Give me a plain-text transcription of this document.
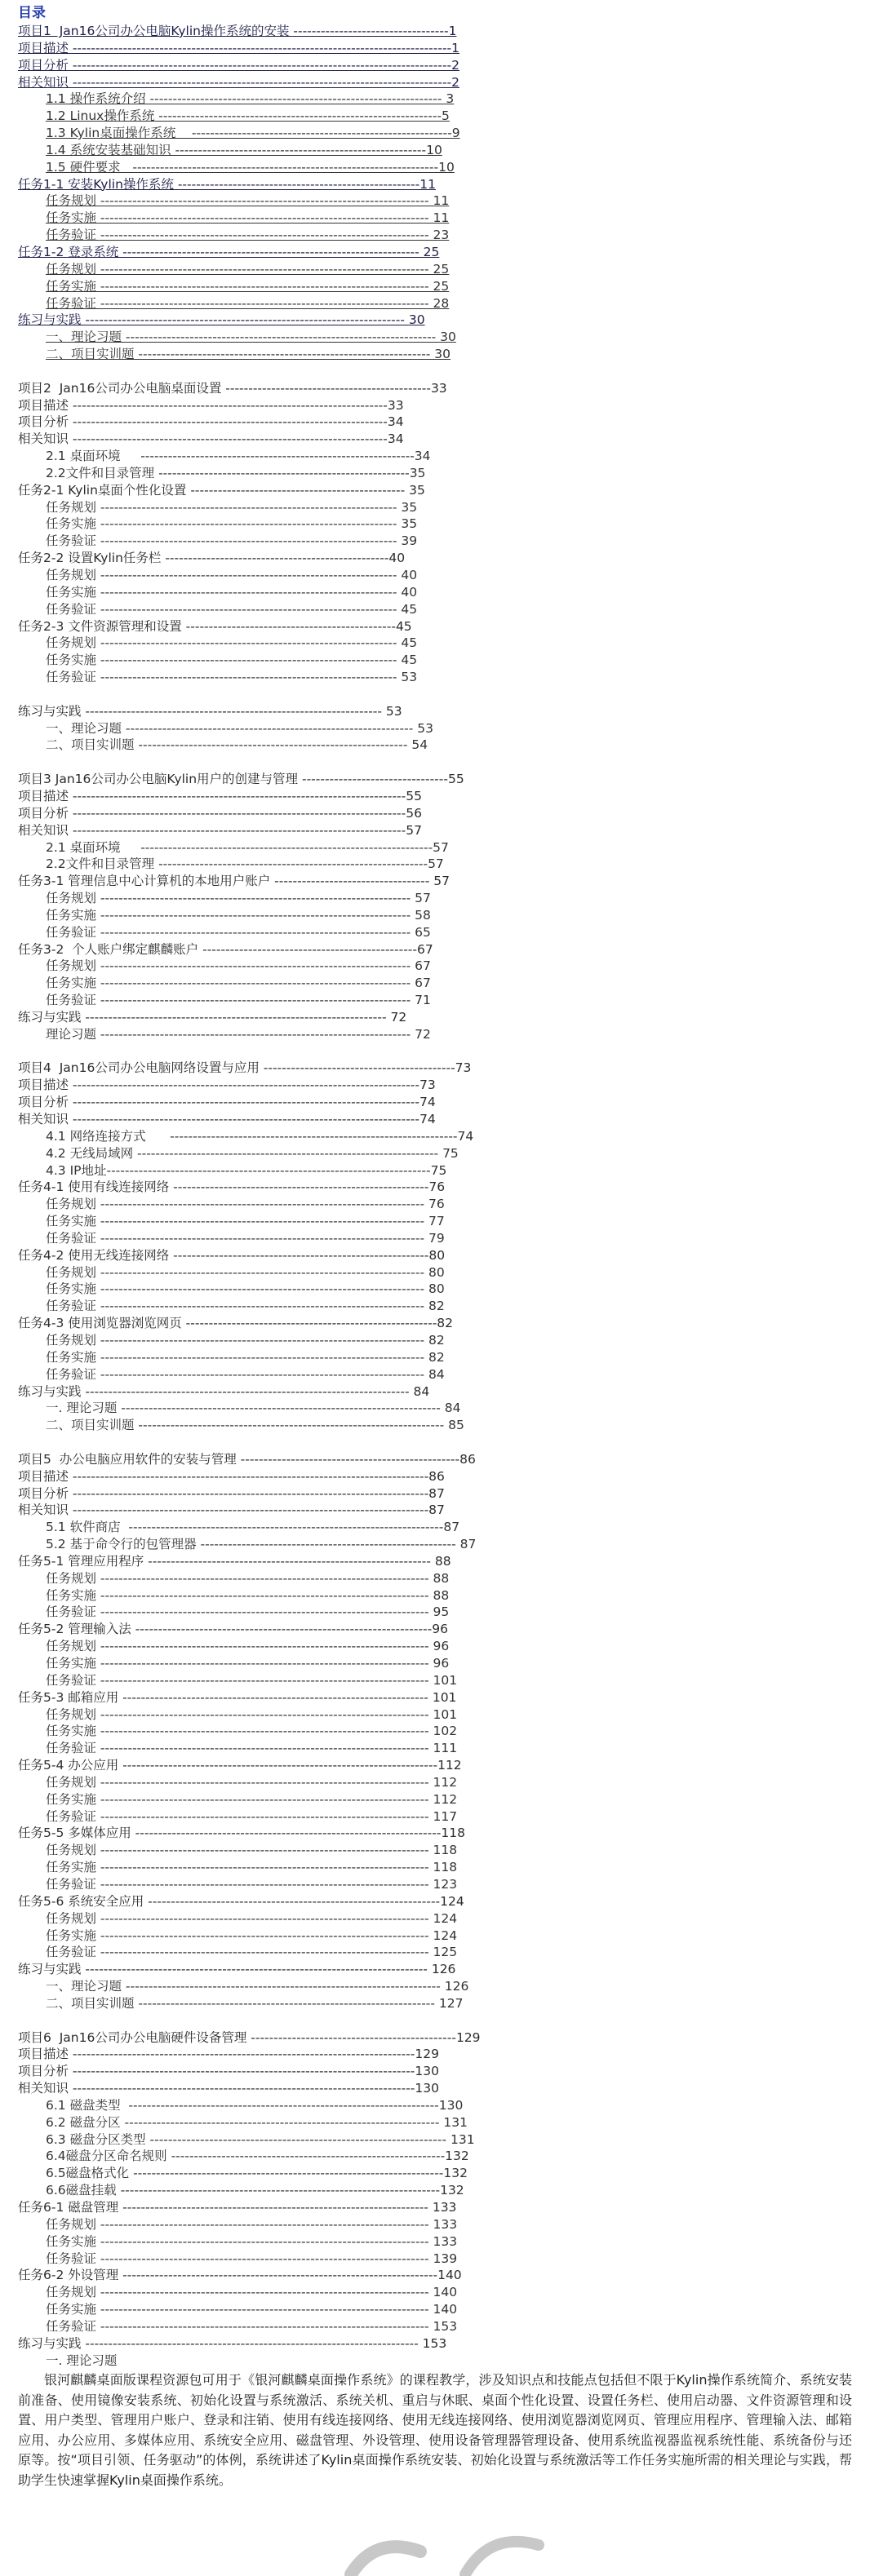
目录
项目1  Jan16公司办公电脑Kylin操作系统的安装 ----------------------------------1
项目描述 -----------------------------------------------------------------------------------1
项目分析 -----------------------------------------------------------------------------------2
相关知识 -----------------------------------------------------------------------------------2
1.1 操作系统介绍 ---------------------------------------------------------------- 3
1.2 Linux操作系统 --------------------------------------------------------------5
1.3 Kylin桌面操作系统    ---------------------------------------------------------9
1.4 系统安装基础知识 -------------------------------------------------------10
1.5 硬件要求   -------------------------------------------------------------------10
任务1-1 安装Kylin操作系统 -----------------------------------------------------11
任务规划 ------------------------------------------------------------------------ 11
任务实施 ------------------------------------------------------------------------ 11
任务验证 ------------------------------------------------------------------------ 23
任务1-2 登录系统 ----------------------------------------------------------------- 25
任务规划 ------------------------------------------------------------------------ 25
任务实施 ------------------------------------------------------------------------ 25
任务验证 ------------------------------------------------------------------------ 28
练习与实践 ---------------------------------------------------------------------- 30
一、理论习题 -------------------------------------------------------------------- 30
二、项目实训题 ---------------------------------------------------------------- 30
项目2  Jan16公司办公电脑桌面设置 ---------------------------------------------33
项目描述 ---------------------------------------------------------------------33
项目分析 ---------------------------------------------------------------------34
相关知识 ---------------------------------------------------------------------34
2.1 桌面环境     ------------------------------------------------------------34
2.2文件和目录管理 -------------------------------------------------------35
任务2-1 Kylin桌面个性化设置 ----------------------------------------------- 35
任务规划 ----------------------------------------------------------------- 35
任务实施 ----------------------------------------------------------------- 35
任务验证 ----------------------------------------------------------------- 39
任务2-2 设置Kylin任务栏 -------------------------------------------------40
任务规划 ----------------------------------------------------------------- 40
任务实施 ----------------------------------------------------------------- 40
任务验证 ----------------------------------------------------------------- 45
任务2-3 文件资源管理和设置 ----------------------------------------------45
任务规划 ----------------------------------------------------------------- 45
任务实施 ----------------------------------------------------------------- 45
任务验证 ----------------------------------------------------------------- 53
练习与实践 ----------------------------------------------------------------- 53
一、理论习题 --------------------------------------------------------------- 53
二、项目实训题 ----------------------------------------------------------- 54
项目3 Jan16公司办公电脑Kylin用户的创建与管理 --------------------------------55
项目描述 -------------------------------------------------------------------------55
项目分析 -------------------------------------------------------------------------56
相关知识 -------------------------------------------------------------------------57
2.1 桌面环境     ----------------------------------------------------------------57
2.2文件和目录管理 -----------------------------------------------------------57
任务3-1 管理信息中心计算机的本地用户账户 ---------------------------------- 57
任务规划 -------------------------------------------------------------------- 57
任务实施 -------------------------------------------------------------------- 58
任务验证 -------------------------------------------------------------------- 65
任务3-2  个人账户绑定麒麟账户 -----------------------------------------------67
任务规划 -------------------------------------------------------------------- 67
任务实施 -------------------------------------------------------------------- 67
任务验证 -------------------------------------------------------------------- 71
练习与实践 ------------------------------------------------------------------ 72
理论习题 -------------------------------------------------------------------- 72
项目4  Jan16公司办公电脑网络设置与应用 ------------------------------------------73
项目描述 ----------------------------------------------------------------------------73
项目分析 ----------------------------------------------------------------------------74
相关知识 ----------------------------------------------------------------------------74
4.1 网络连接方式      ---------------------------------------------------------------74
4.2 无线局域网 ------------------------------------------------------------------ 75
4.3 IP地址-----------------------------------------------------------------------75
任务4-1 使用有线连接网络 --------------------------------------------------------76
任务规划 ----------------------------------------------------------------------- 76
任务实施 ----------------------------------------------------------------------- 77
任务验证 ----------------------------------------------------------------------- 79
任务4-2 使用无线连接网络 --------------------------------------------------------80
任务规划 ----------------------------------------------------------------------- 80
任务实施 ----------------------------------------------------------------------- 80
任务验证 ----------------------------------------------------------------------- 82
任务4-3 使用浏览器浏览网页 -------------------------------------------------------82
任务规划 ----------------------------------------------------------------------- 82
任务实施 ----------------------------------------------------------------------- 82
任务验证 ----------------------------------------------------------------------- 84
练习与实践 ----------------------------------------------------------------------- 84
一. 理论习题 ---------------------------------------------------------------------- 84
二、项目实训题 ------------------------------------------------------------------- 85
项目5  办公电脑应用软件的安装与管理 ------------------------------------------------86
项目描述 ------------------------------------------------------------------------------86
项目分析 ------------------------------------------------------------------------------87
相关知识 ------------------------------------------------------------------------------87
5.1 软件商店  ---------------------------------------------------------------------87
5.2 基于命令行的包管理器 -------------------------------------------------------- 87
任务5-1 管理应用程序 -------------------------------------------------------------- 88
任务规划 ------------------------------------------------------------------------ 88
任务实施 ------------------------------------------------------------------------ 88
任务验证 ------------------------------------------------------------------------ 95
任务5-2 管理输入法 -----------------------------------------------------------------96
任务规划 ------------------------------------------------------------------------ 96
任务实施 ------------------------------------------------------------------------ 96
任务验证 ------------------------------------------------------------------------ 101
任务5-3 邮箱应用 ------------------------------------------------------------------- 101
任务规划 ------------------------------------------------------------------------ 101
任务实施 ------------------------------------------------------------------------ 102
任务验证 ------------------------------------------------------------------------ 111
任务5-4 办公应用 ---------------------------------------------------------------------112
任务规划 ------------------------------------------------------------------------ 112
任务实施 ------------------------------------------------------------------------ 112
任务验证 ------------------------------------------------------------------------ 117
任务5-5 多媒体应用 -------------------------------------------------------------------118
任务规划 ------------------------------------------------------------------------ 118
任务实施 ------------------------------------------------------------------------ 118
任务验证 ------------------------------------------------------------------------ 123
任务5-6 系统安全应用 ----------------------------------------------------------------124
任务规划 ------------------------------------------------------------------------ 124
任务实施 ------------------------------------------------------------------------ 124
任务验证 ------------------------------------------------------------------------ 125
练习与实践 --------------------------------------------------------------------------- 126
一、理论习题 --------------------------------------------------------------------- 126
二、项目实训题 ----------------------------------------------------------------- 127
项目6  Jan16公司办公电脑硬件设备管理 ---------------------------------------------129
项目描述 ---------------------------------------------------------------------------129
项目分析 ---------------------------------------------------------------------------130
相关知识 ---------------------------------------------------------------------------130
6.1 磁盘类型  --------------------------------------------------------------------130
6.2 磁盘分区 --------------------------------------------------------------------- 131
6.3 磁盘分区类型 ----------------------------------------------------------------- 131
6.4磁盘分区命名规则 ------------------------------------------------------------132
6.5磁盘格式化 --------------------------------------------------------------------132
6.6磁盘挂载 ----------------------------------------------------------------------132
任务6-1 磁盘管理 ------------------------------------------------------------------- 133
任务规划 ------------------------------------------------------------------------ 133
任务实施 ------------------------------------------------------------------------ 133
任务验证 ------------------------------------------------------------------------ 139
任务6-2 外设管理 ---------------------------------------------------------------------140
任务规划 ------------------------------------------------------------------------ 140
任务实施 ------------------------------------------------------------------------ 140
任务验证 ------------------------------------------------------------------------ 153
练习与实践 ------------------------------------------------------------------------- 153
一. 理论习题
银河麒麟桌面版课程资源包可用于《银河麒麟桌面操作系统》的课程教学，涉及知识点和技能点包括但不限于Kylin操作系统简介、系统安装前准备、使用镜像安装系统、初始化设置与系统激活、系统关机、重启与休眠、桌面个性化设置、设置任务栏、使用启动器、文件资源管理和设置、用户类型、管理用户账户、登录和注销、使用有线连接网络、使用无线连接网络、使用浏览器浏览网页、管理应用程序、管理输入法、邮箱应用、办公应用、多媒体应用、系统安全应用、磁盘管理、外设管理、使用设备管理器管理设备、使用系统监视器监视系统性能、系统备份与还原等。按“项目引领、任务驱动”的体例，系统讲述了Kylin桌面操作系统安装、初始化设置与系统激活等工作任务实施所需的相关理论与实践，帮助学生快速掌握Kylin桌面操作系统。
